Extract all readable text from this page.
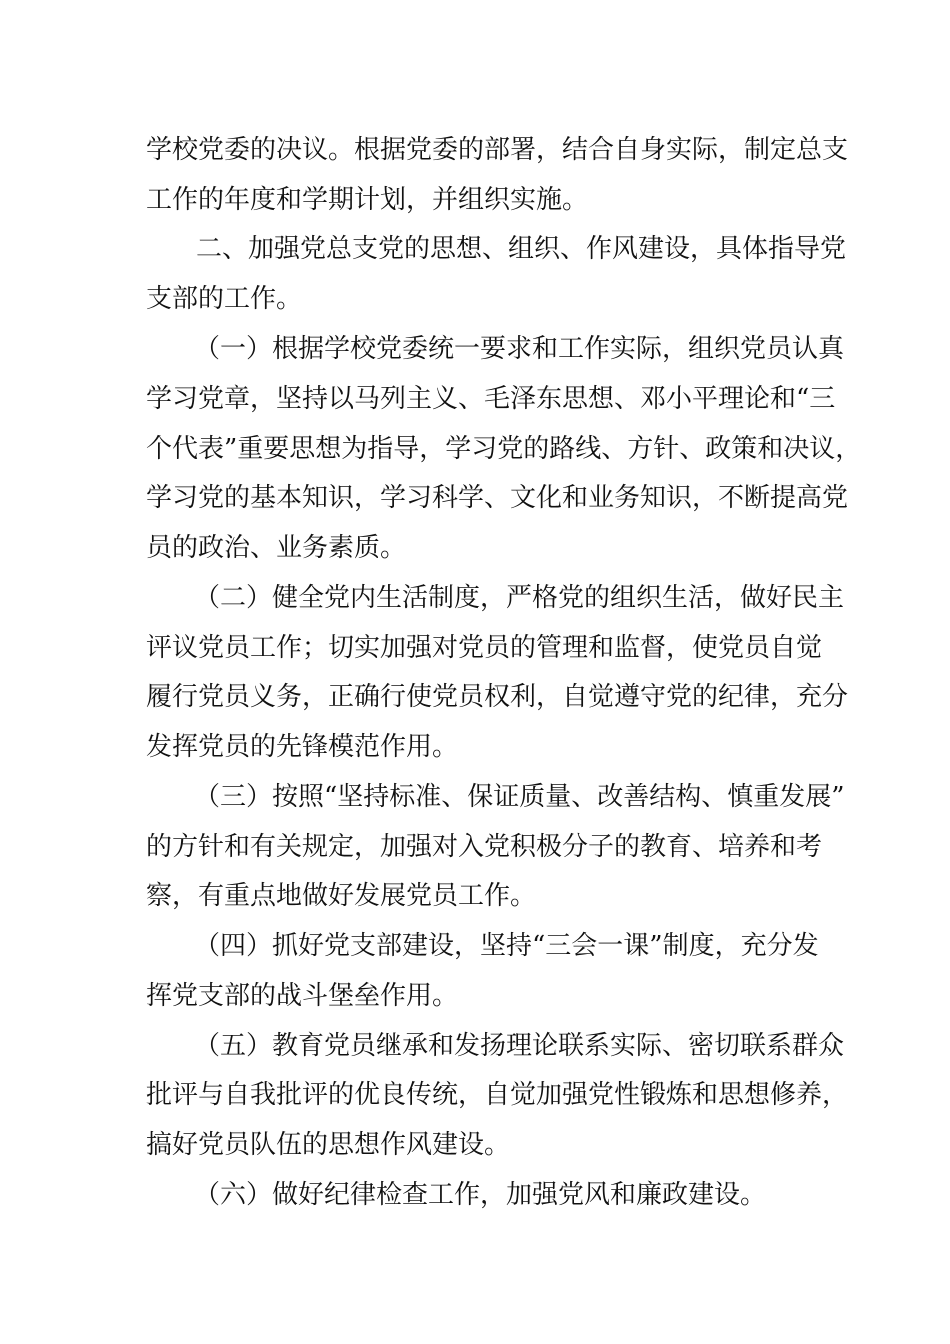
学校党委的决议。根据党委的部署，结合自身实际，制定总支
工作的年度和学期计划，并组织实施。
二、加强党总支党的思想、组织、作风建设，具体指导党
支部的工作。
（一）根据学校党委统一要求和工作实际，组织党员认真
学习党章，坚持以马列主义、毛泽东思想、邓小平理论和“三
个代表”重要思想为指导，学习党的路线、方针、政策和决议，
学习党的基本知识，学习科学、文化和业务知识，不断提高党
员的政治、业务素质。
（二）健全党内生活制度，严格党的组织生活，做好民主
评议党员工作；切实加强对党员的管理和监督，使党员自觉
履行党员义务，正确行使党员权利，自觉遵守党的纪律，充分
发挥党员的先锋模范作用。
（三）按照“坚持标准、保证质量、改善结构、慎重发展”
的方针和有关规定，加强对入党积极分子的教育、培养和考
察，有重点地做好发展党员工作。
（四）抓好党支部建设，坚持“三会一课”制度，充分发
挥党支部的战斗堡垒作用。
（五）教育党员继承和发扬理论联系实际、密切联系群众
批评与自我批评的优良传统，自觉加强党性锻炼和思想修养，
搞好党员队伍的思想作风建设。
（六）做好纪律检查工作，加强党风和廉政建设。
